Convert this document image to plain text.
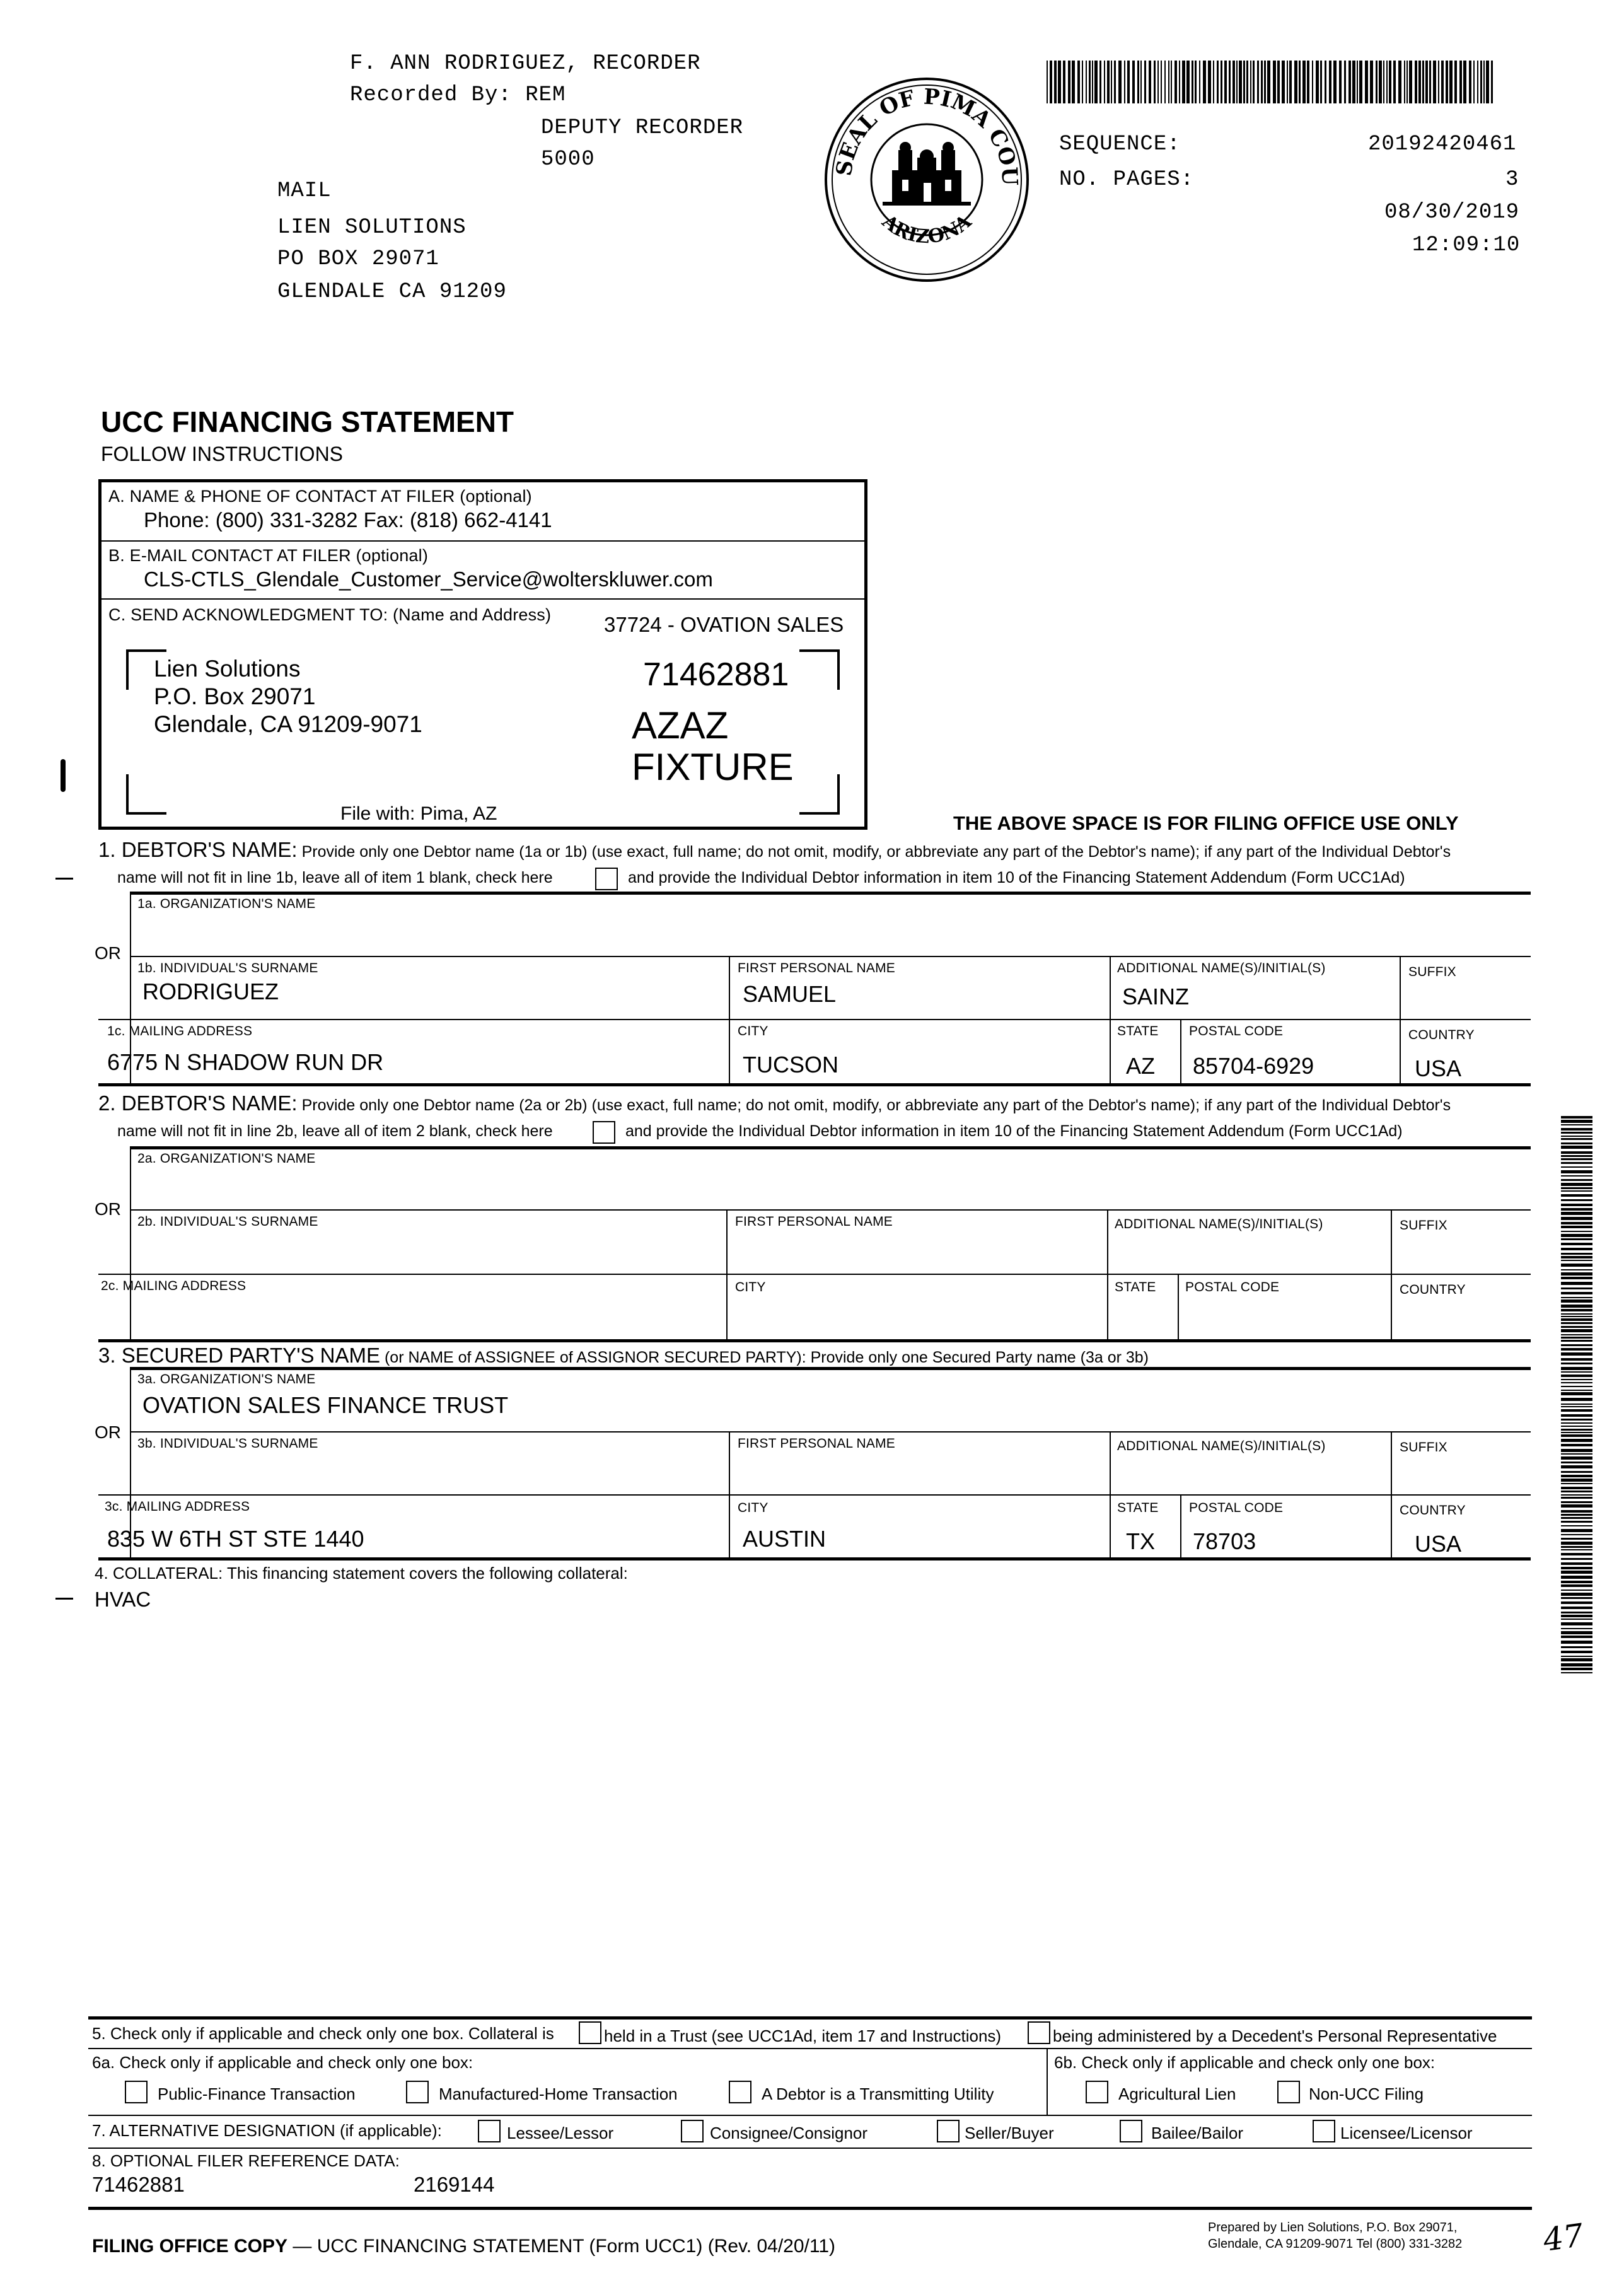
F. ANN RODRIGUEZ, RECORDER
Recorded By: REM
DEPUTY RECORDER
5000
MAIL
LIEN SOLUTIONS
PO BOX 29071
GLENDALE CA 91209
SEAL OF PIMA COU
ARIZONA
SEQUENCE:	20192420461
NO. PAGES:	3
08/30/2019
12:09:10
UCC FINANCING STATEMENT
FOLLOW INSTRUCTIONS
A. NAME & PHONE OF CONTACT AT FILER (optional)
Phone: (800) 331-3282 Fax: (818) 662-4141
B. E-MAIL CONTACT AT FILER (optional)
CLS-CTLS_Glendale_Customer_Service@wolterskluwer.com
C. SEND ACKNOWLEDGMENT TO: (Name and Address)	37724 - OVATION SALES
Lien Solutions
P.O. Box 29071
Glendale, CA 91209-9071
71462881
AZAZ
FIXTURE
File with: Pima, AZ	THE ABOVE SPACE IS FOR FILING OFFICE USE ONLY
1. DEBTOR'S NAME: Provide only one Debtor name (1a or 1b) (use exact, full name; do not omit, modify, or abbreviate any part of the Debtor's name); if any part of the Individual Debtor's
name will not fit in line 1b, leave all of item 1 blank, check here	and provide the Individual Debtor information in item 10 of the Financing Statement Addendum (Form UCC1Ad)
1a. ORGANIZATION'S NAME
OR
1b. INDIVIDUAL'S SURNAME	FIRST PERSONAL NAME	ADDITIONAL NAME(S)/INITIAL(S)	SUFFIX
RODRIGUEZ	SAMUEL	SAINZ
1c. MAILING ADDRESS	CITY	STATE POSTAL CODE	COUNTRY
6775 N SHADOW RUN DR	TUCSON	AZ 85704-6929	USA
2. DEBTOR'S NAME: Provide only one Debtor name (2a or 2b) (use exact, full name; do not omit, modify, or abbreviate any part of the Debtor's name); if any part of the Individual Debtor's
name will not fit in line 2b, leave all of item 2 blank, check here	and provide the Individual Debtor information in item 10 of the Financing Statement Addendum (Form UCC1Ad)
2a. ORGANIZATION'S NAME
OR
2b. INDIVIDUAL'S SURNAME	FIRST PERSONAL NAME	ADDITIONAL NAME(S)/INITIAL(S)	SUFFIX
2c. MAILING ADDRESS	CITY	STATE POSTAL CODE	COUNTRY
3. SECURED PARTY'S NAME (or NAME of ASSIGNEE of ASSIGNOR SECURED PARTY): Provide only one Secured Party name (3a or 3b)
3a. ORGANIZATION'S NAME
OVATION SALES FINANCE TRUST
OR
3b. INDIVIDUAL'S SURNAME	FIRST PERSONAL NAME	ADDITIONAL NAME(S)/INITIAL(S)	SUFFIX
3c. MAILING ADDRESS	CITY	STATE POSTAL CODE	COUNTRY
835 W 6TH ST STE 1440	AUSTIN	TX 78703	USA
4. COLLATERAL: This financing statement covers the following collateral:
HVAC
5. Check only if applicable and check only one box. Collateral is	held in a Trust (see UCC1Ad, item 17 and Instructions)	being administered by a Decedent's Personal Representative
6a. Check only if applicable and check only one box:
Public-Finance Transaction	Manufactured-Home Transaction	A Debtor is a Transmitting Utility
6b. Check only if applicable and check only one box:
Agricultural Lien	Non-UCC Filing
7. ALTERNATIVE DESIGNATION (if applicable):	Lessee/Lessor	Consignee/Consignor	Seller/Buyer	Bailee/Bailor	Licensee/Licensor
8. OPTIONAL FILER REFERENCE DATA:
71462881	2169144
FILING OFFICE COPY — UCC FINANCING STATEMENT (Form UCC1) (Rev. 04/20/11)
Prepared by Lien Solutions, P.O. Box 29071,
Glendale, CA 91209-9071 Tel (800) 331-3282	47
